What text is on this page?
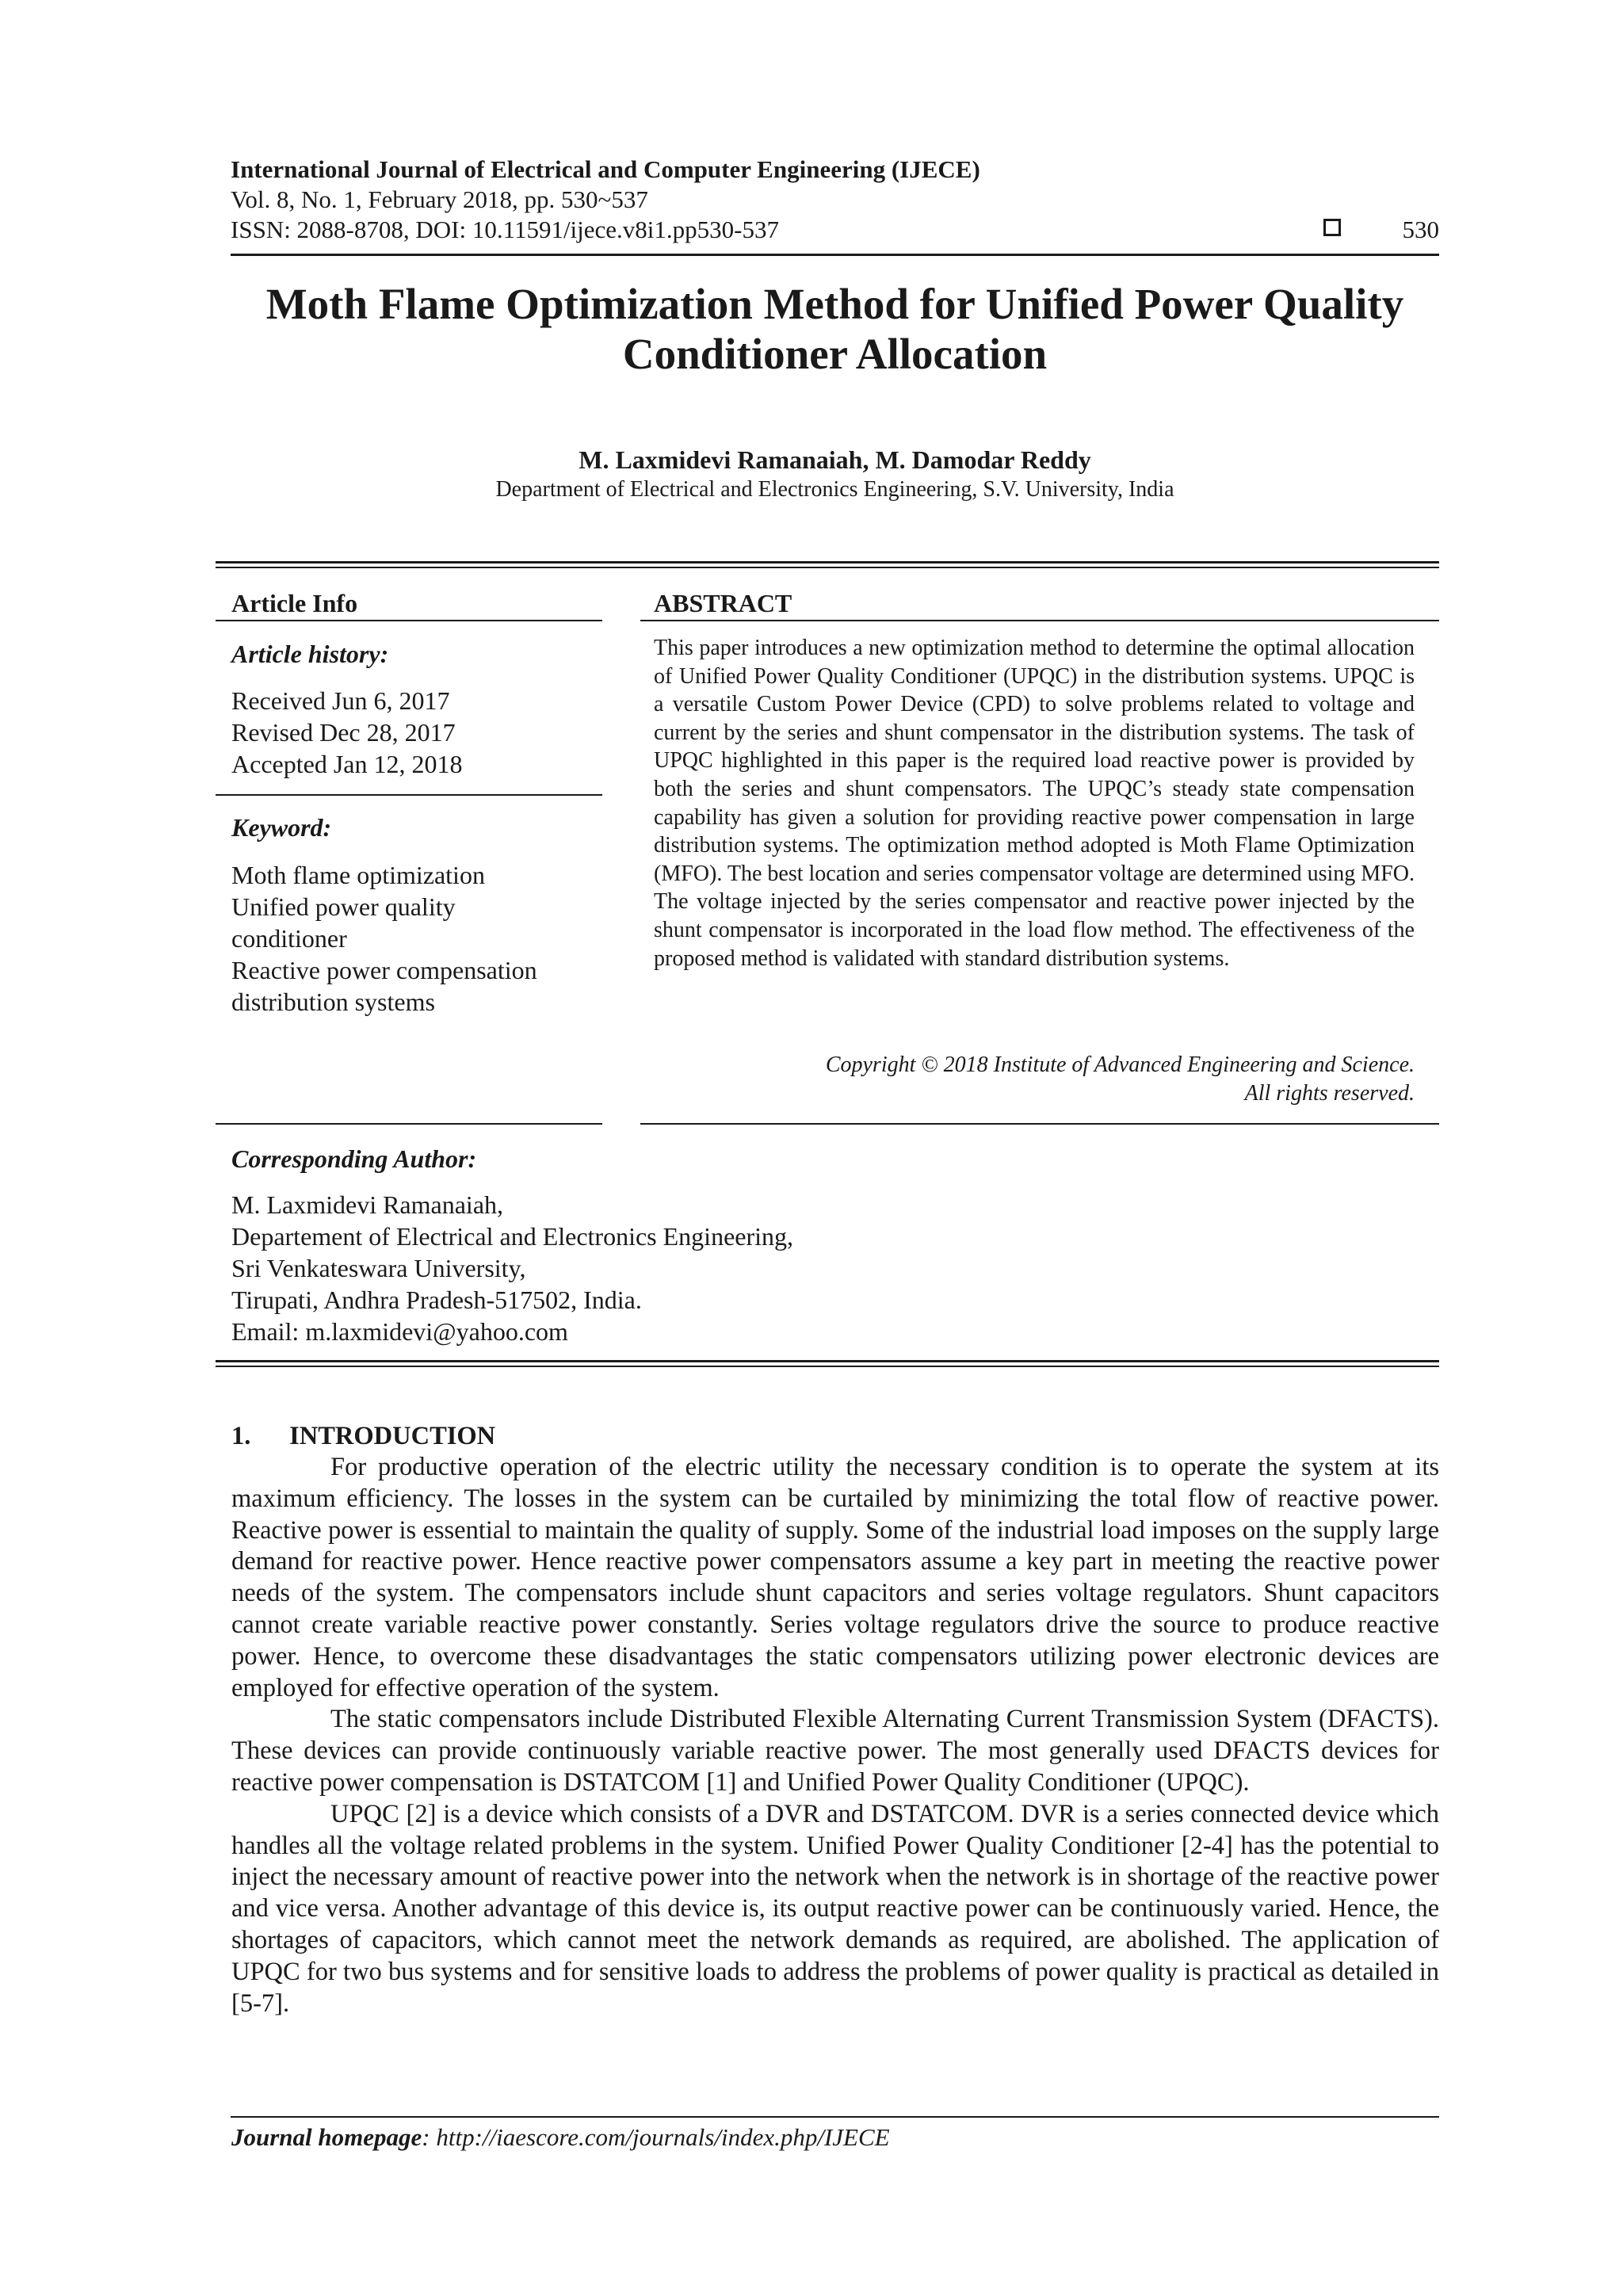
International Journal of Electrical and Computer Engineering (IJECE)
Vol. 8, No. 1, February 2018, pp. 530~537
ISSN: 2088-8708, DOI: 10.11591/ijece.v8i1.pp530-537	530
Moth Flame Optimization Method for Unified Power Quality
Conditioner Allocation
M. Laxmidevi Ramanaiah, M. Damodar Reddy
Department of Electrical and Electronics Engineering, S.V. University, India
Article Info
Article history:
Received Jun 6, 2017
Revised Dec 28, 2017
Accepted Jan 12, 2018
Keyword:
Moth flame optimization
Unified power quality
conditioner
Reactive power compensation
distribution systems
ABSTRACT

This paper introduces a new optimization method to determine the optimal allocation of Unified Power Quality Conditioner (UPQC) in the distribution systems. UPQC is a versatile Custom Power Device (CPD) to solve problems related to voltage and current by the series and shunt compensator in the distribution systems. The task of UPQC highlighted in this paper is the required load reactive power is provided by both the series and shunt compensators. The UPQC’s steady state compensation capability has given a solution for providing reactive power compensation in large distribution systems. The optimization method adopted is Moth Flame Optimization (MFO). The best location and series compensator voltage are determined using MFO. The voltage injected by the series compensator and reactive power injected by the shunt compensator is incorporated in the load flow method. The effectiveness of the proposed method is validated with standard distribution systems.

Copyright © 2018 Institute of Advanced Engineering and Science.
All rights reserved.
Corresponding Author:
M. Laxmidevi Ramanaiah,
Departement of Electrical and Electronics Engineering,
Sri Venkateswara University,
Tirupati, Andhra Pradesh-517502, India.
Email: m.laxmidevi@yahoo.com
1.  INTRODUCTION

For productive operation of the electric utility the necessary condition is to operate the system at its maximum efficiency. The losses in the system can be curtailed by minimizing the total flow of reactive power. Reactive power is essential to maintain the quality of supply. Some of the industrial load imposes on the supply large demand for reactive power. Hence reactive power compensators assume a key part in meeting the reactive power needs of the system. The compensators include shunt capacitors and series voltage regulators. Shunt capacitors cannot create variable reactive power constantly. Series voltage regulators drive the source to produce reactive power. Hence, to overcome these disadvantages the static compensators utilizing power electronic devices are employed for effective operation of the system.

The static compensators include Distributed Flexible Alternating Current Transmission System (DFACTS). These devices can provide continuously variable reactive power. The most generally used DFACTS devices for reactive power compensation is DSTATCOM [1] and Unified Power Quality Conditioner (UPQC).

UPQC [2] is a device which consists of a DVR and DSTATCOM. DVR is a series connected device which handles all the voltage related problems in the system. Unified Power Quality Conditioner [2-4] has the potential to inject the necessary amount of reactive power into the network when the network is in shortage of the reactive power and vice versa. Another advantage of this device is, its output reactive power can be continuously varied. Hence, the shortages of capacitors, which cannot meet the network demands as required, are abolished. The application of UPQC for two bus systems and for sensitive loads to address the problems of power quality is practical as detailed in [5-7].

Journal homepage: http://iaescore.com/journals/index.php/IJECE
